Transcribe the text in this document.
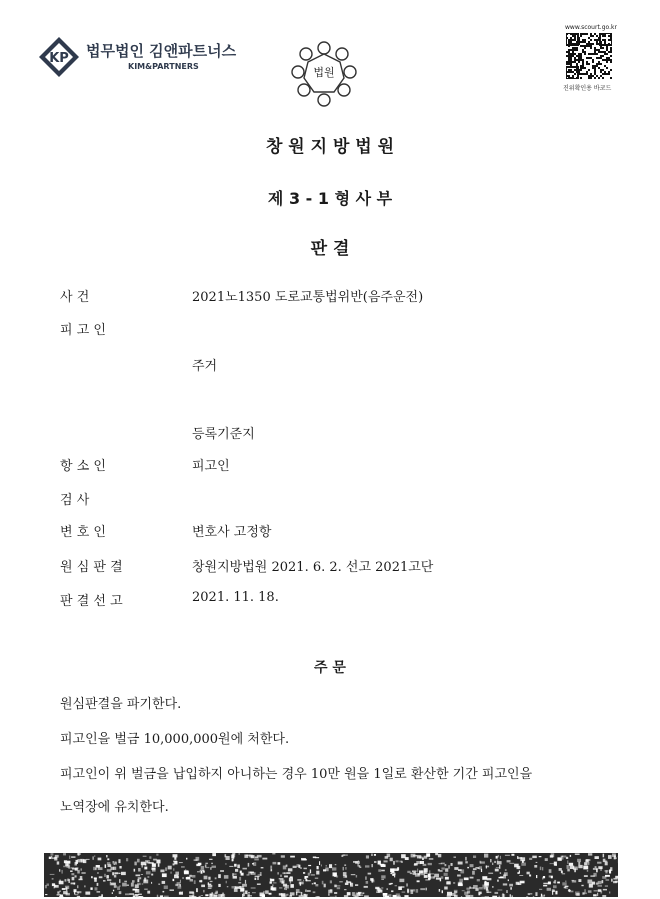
KP 법무법인 김앤파트너스
KIM&PARTNERS	법원
www.scourt.go.kr
진위확인용 바코드
창 원 지 방 법 원
제 3 - 1 형 사 부
판 결
사 건	2021노1350 도로교통법위반(음주운전)
피 고 인
주거
등록기준지
항 소 인	피고인
검 사
변 호 인	변호사 고정항
원 심 판 결	창원지방법원 2021. 6. 2. 선고 2021고단
판 결 선 고	2021. 11. 18.
주 문
원심판결을 파기한다.
피고인을 벌금 10,000,000원에 처한다.
피고인이 위 벌금을 납입하지 아니하는 경우 10만 원을 1일로 환산한 기간 피고인을
노역장에 유치한다.
